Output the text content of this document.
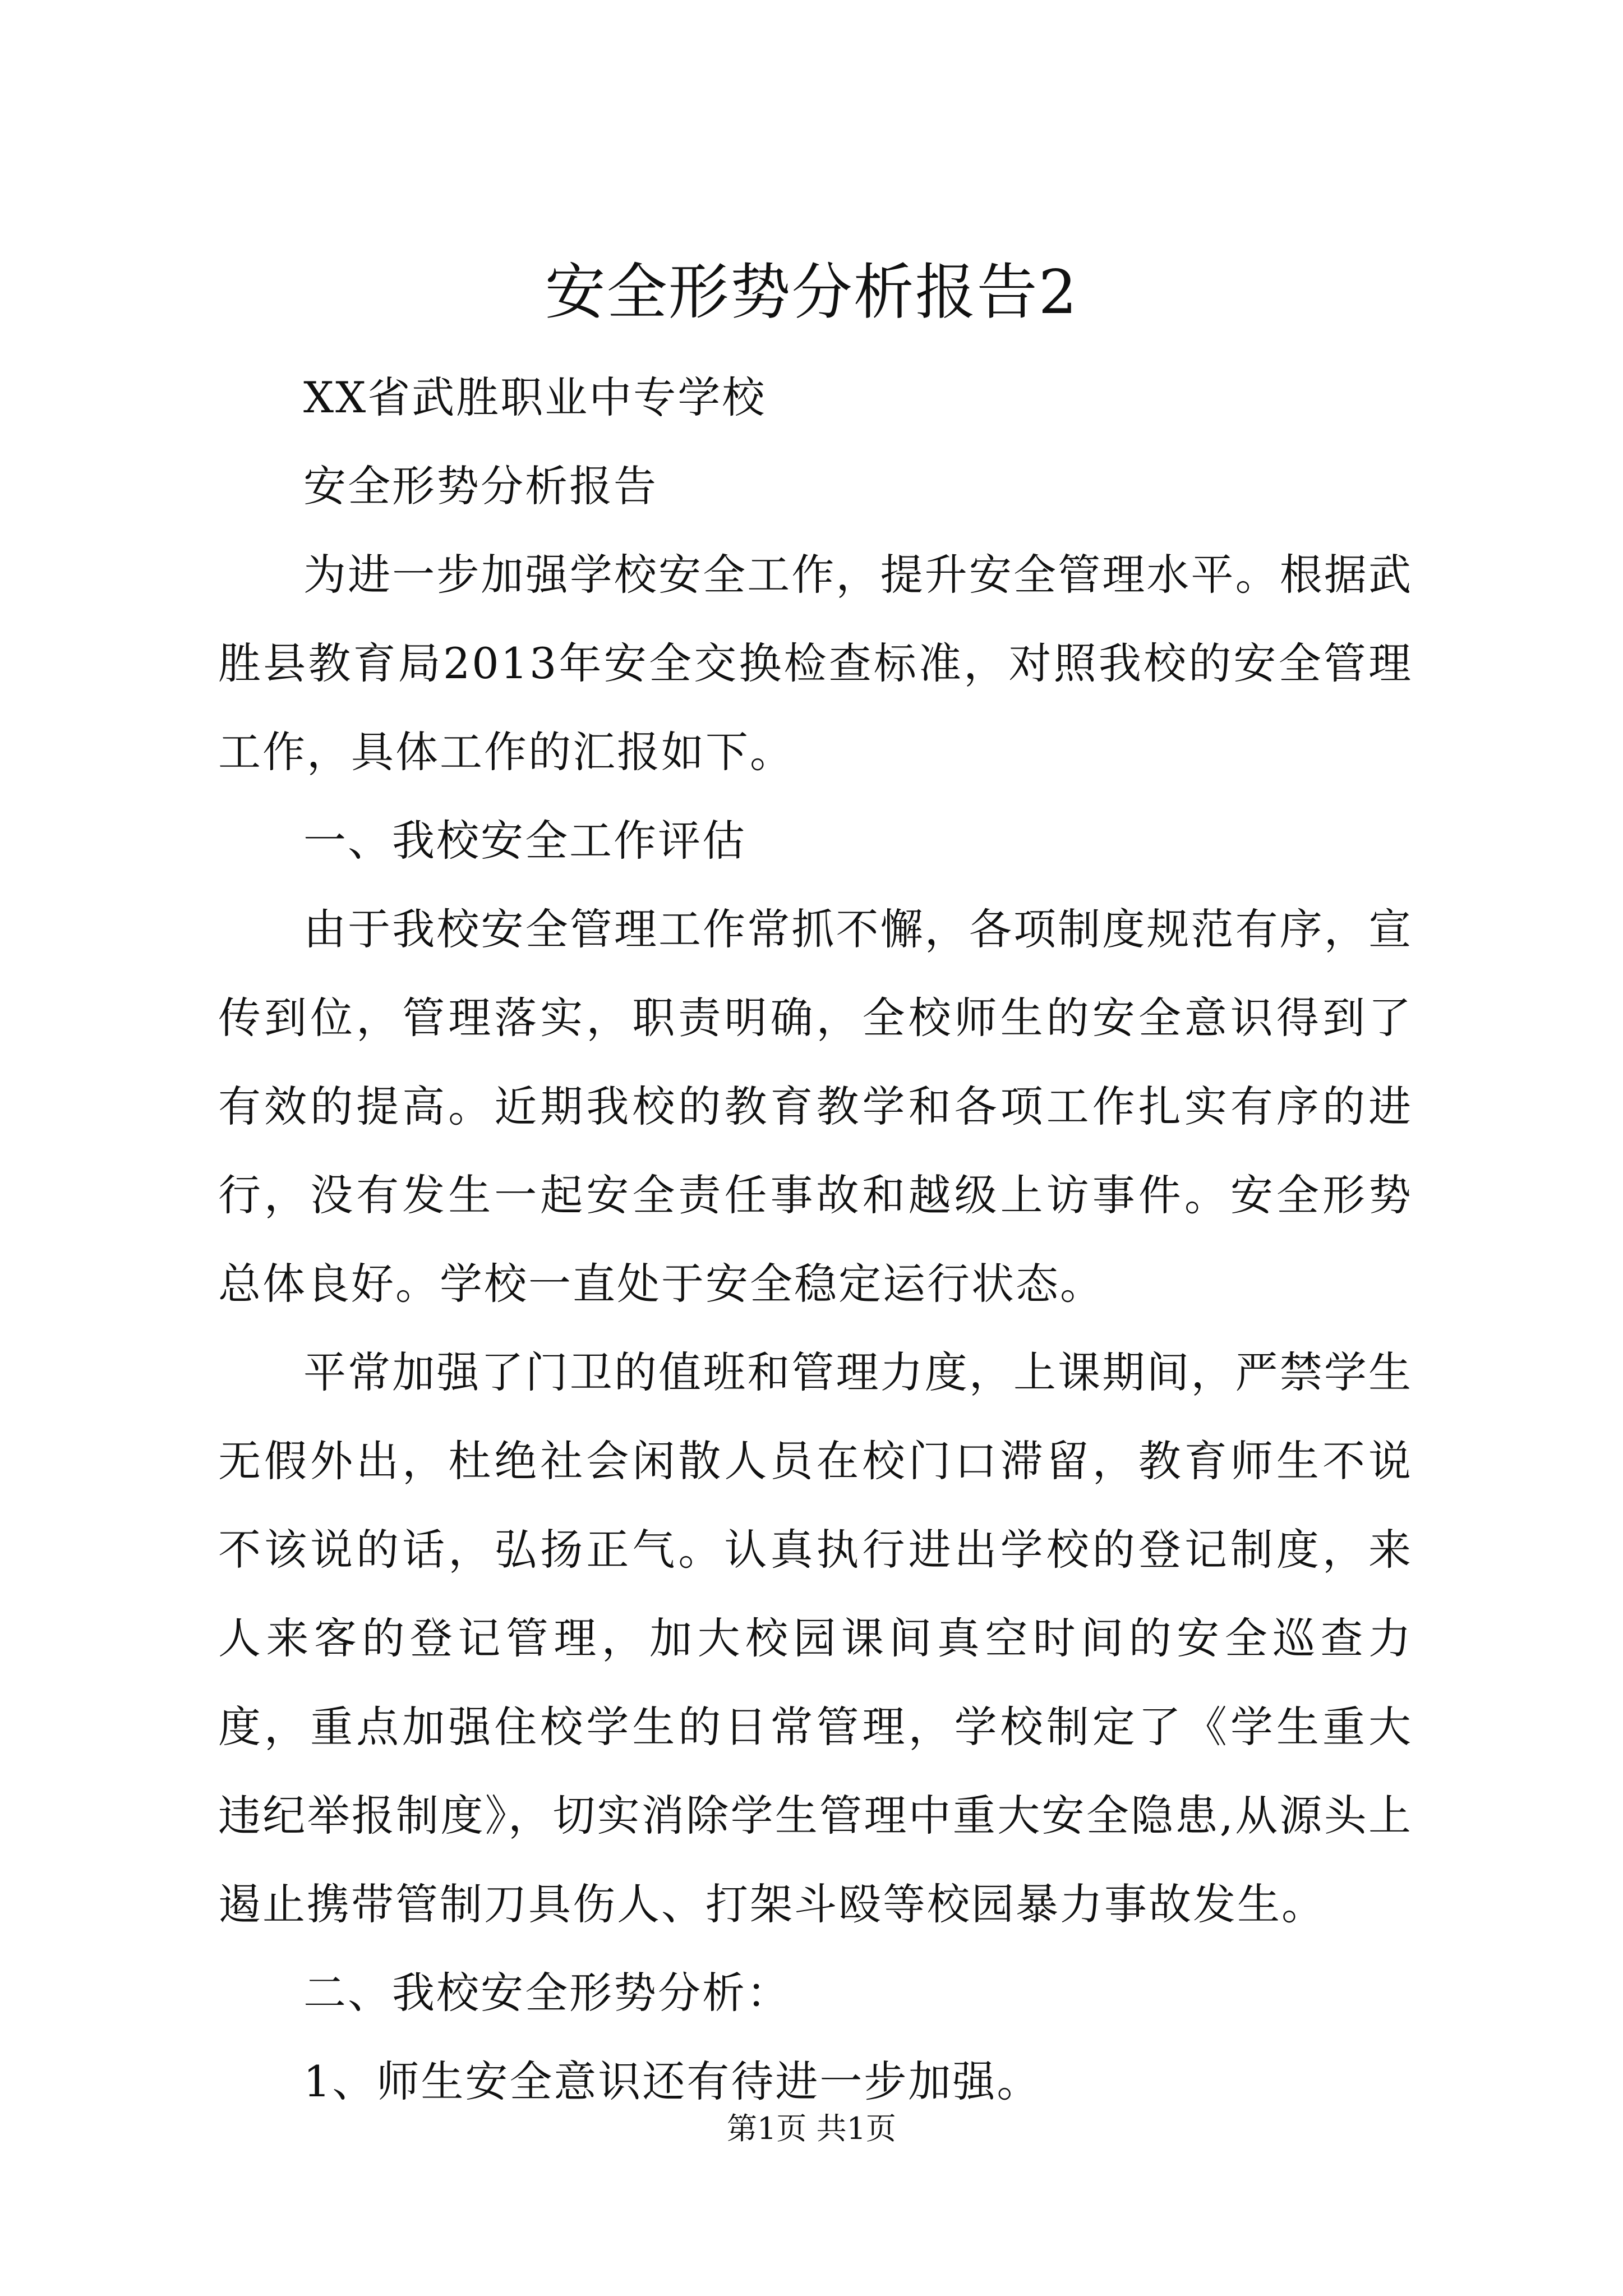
安全形势分析报告2

XX省武胜职业中专学校

安全形势分析报告

为进一步加强学校安全工作，提升安全管理水平。根据武胜县教育局2013年安全交换检查标准，对照我校的安全管理工作，具体工作的汇报如下。

一、我校安全工作评估

由于我校安全管理工作常抓不懈，各项制度规范有序，宣传到位，管理落实，职责明确，全校师生的安全意识得到了有效的提高。近期我校的教育教学和各项工作扎实有序的进行，没有发生一起安全责任事故和越级上访事件。安全形势总体良好。学校一直处于安全稳定运行状态。

平常加强了门卫的值班和管理力度，上课期间，严禁学生无假外出，杜绝社会闲散人员在校门口滞留，教育师生不说不该说的话，弘扬正气。认真执行进出学校的登记制度，来人来客的登记管理，加大校园课间真空时间的安全巡查力度，重点加强住校学生的日常管理，学校制定了《学生重大违纪举报制度》，切实消除学生管理中重大安全隐患,从源头上遏止携带管制刀具伤人、打架斗殴等校园暴力事故发生。

二、我校安全形势分析：

1、师生安全意识还有待进一步加强。

第1页 共1页
